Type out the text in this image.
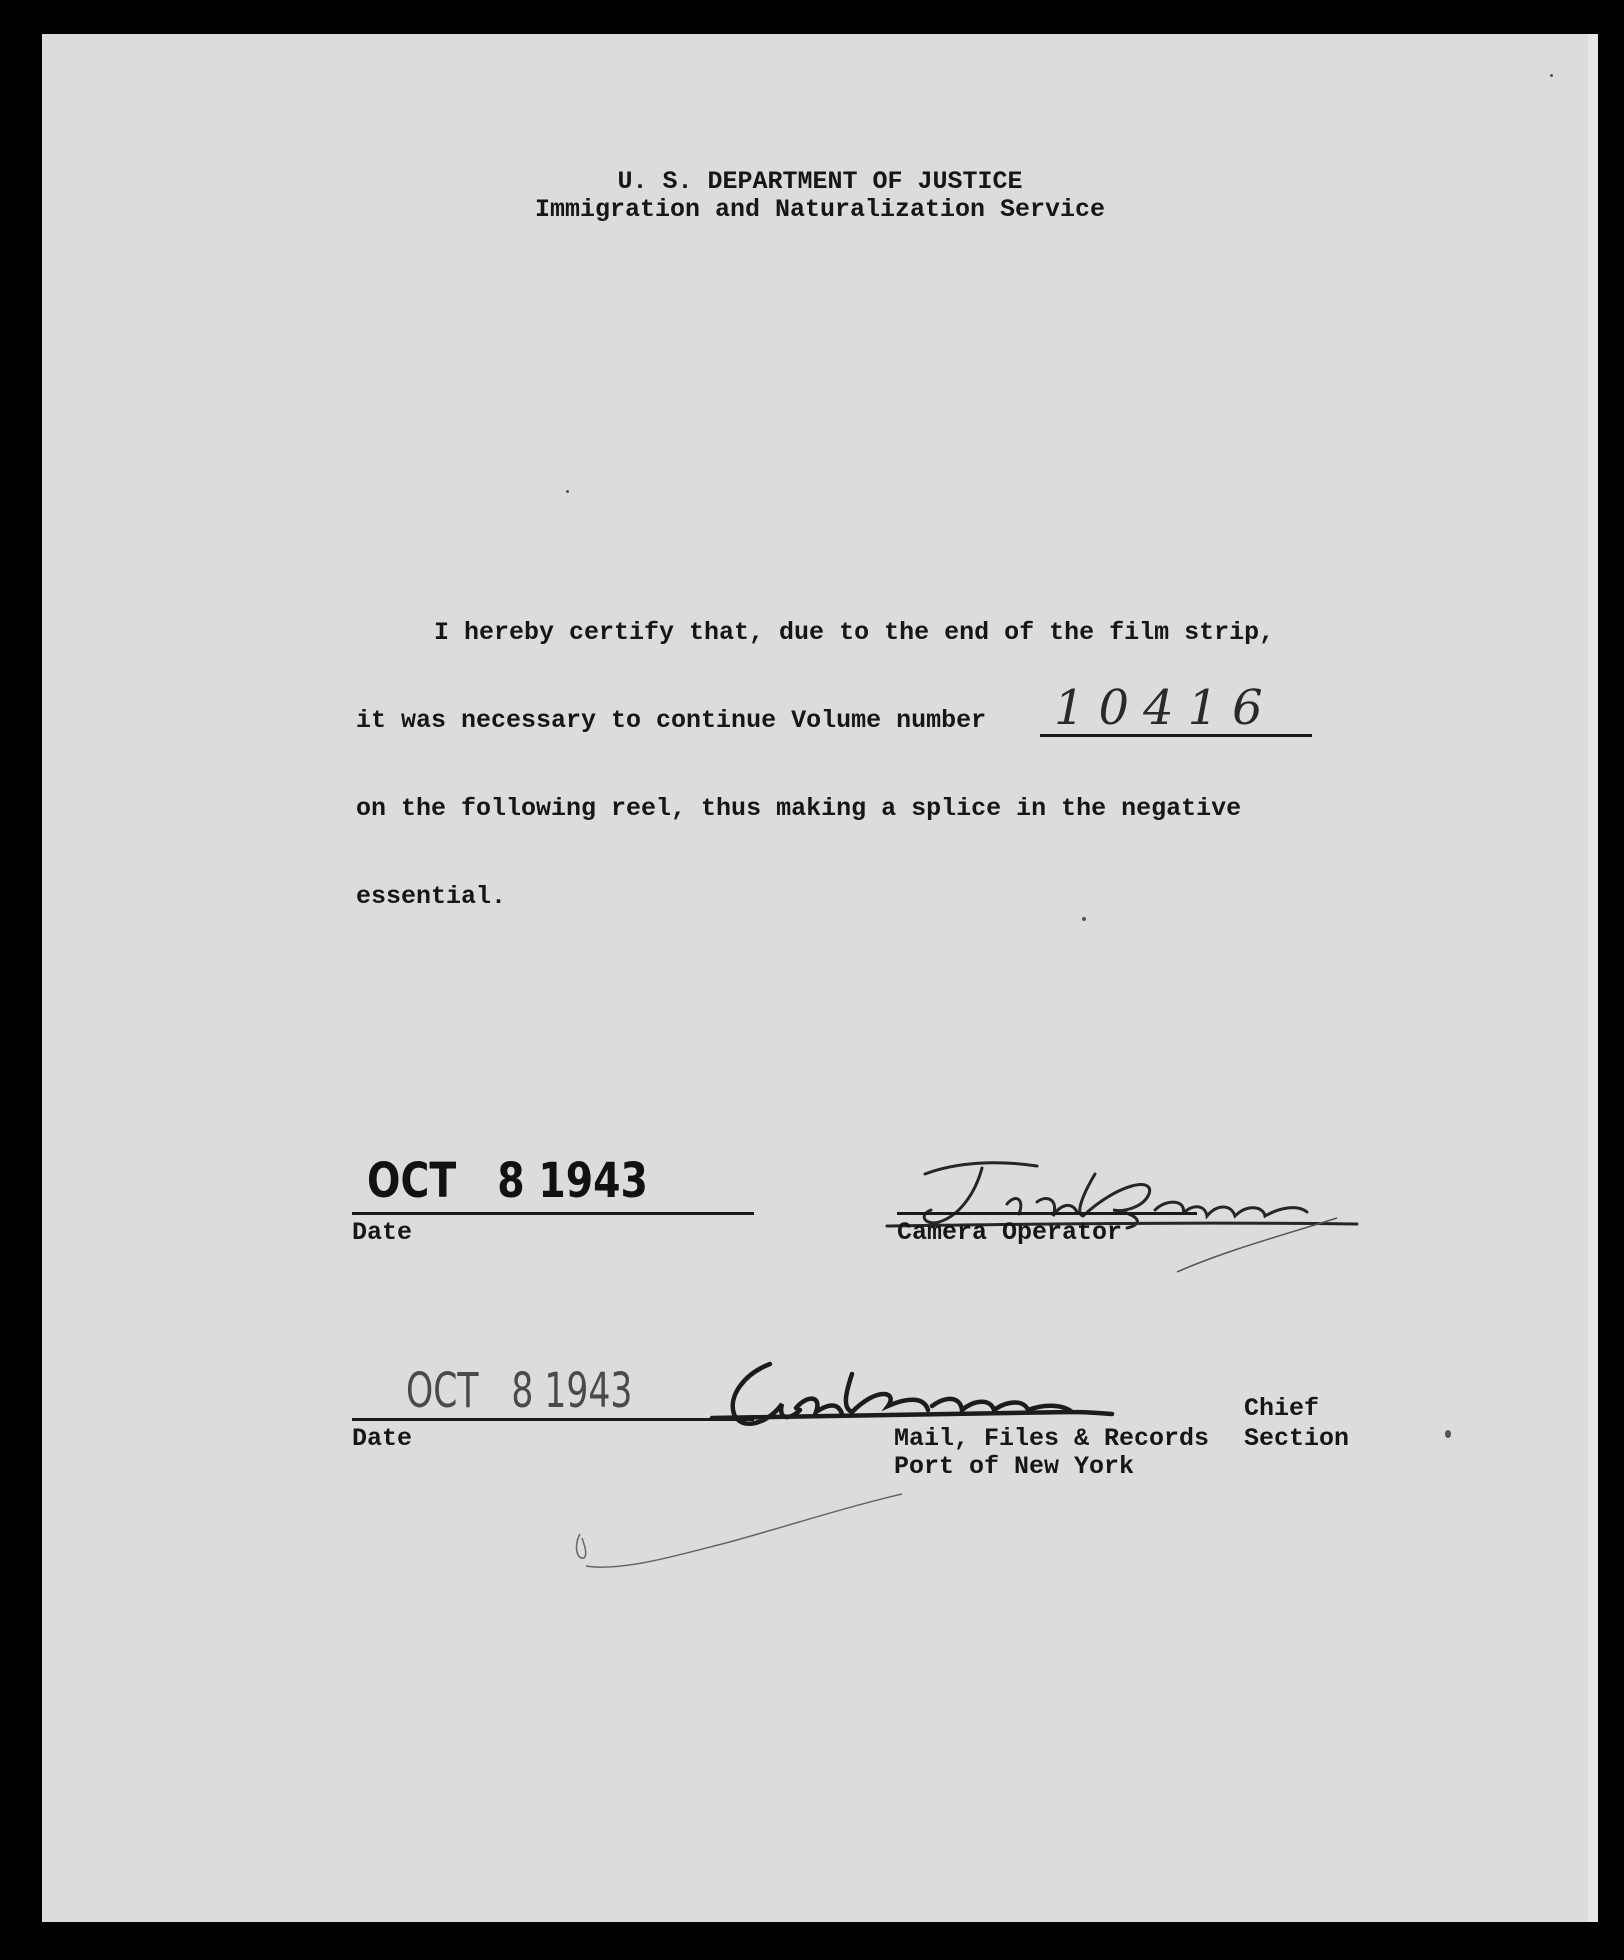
U. S. DEPARTMENT OF JUSTICE
Immigration and Naturalization Service
I hereby certify that, due to the end of the film strip,
it was necessary to continue Volume number 10416
on the following reel, thus making a splice in the negative
essential.
OCT   8 1943
Date	Camera Operator
OCT   8 1943
Date
Chief
Mail, Files & Records Section
Port of New York
